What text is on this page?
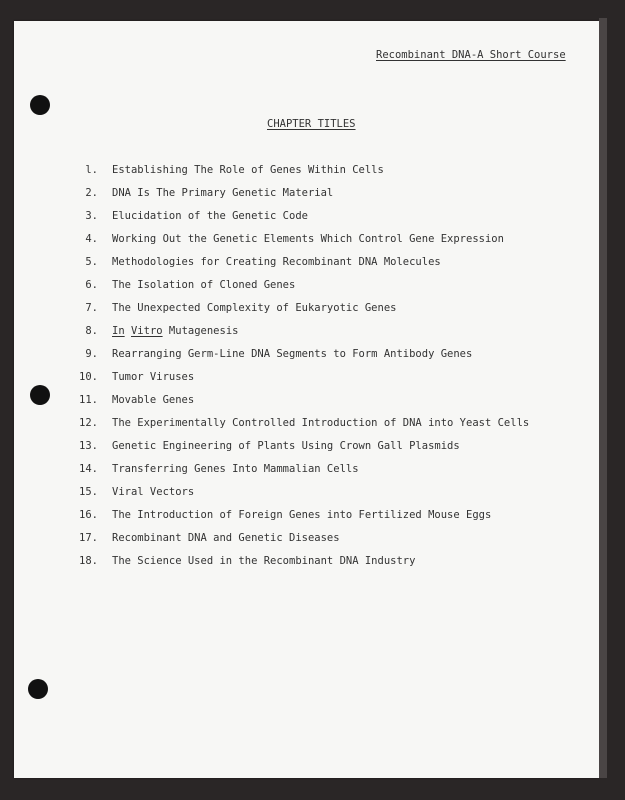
Recombinant DNA-A Short Course
CHAPTER TITLES
l. Establishing The Role of Genes Within Cells
2. DNA Is The Primary Genetic Material
3. Elucidation of the Genetic Code
4. Working Out the Genetic Elements Which Control Gene Expression
5. Methodologies for Creating Recombinant DNA Molecules
6. The Isolation of Cloned Genes
7. The Unexpected Complexity of Eukaryotic Genes
8. In Vitro Mutagenesis
9. Rearranging Germ-Line DNA Segments to Form Antibody Genes
10. Tumor Viruses
11. Movable Genes
12. The Experimentally Controlled Introduction of DNA into Yeast Cells
13. Genetic Engineering of Plants Using Crown Gall Plasmids
14. Transferring Genes Into Mammalian Cells
15. Viral Vectors
16. The Introduction of Foreign Genes into Fertilized Mouse Eggs
17. Recombinant DNA and Genetic Diseases
18. The Science Used in the Recombinant DNA Industry
